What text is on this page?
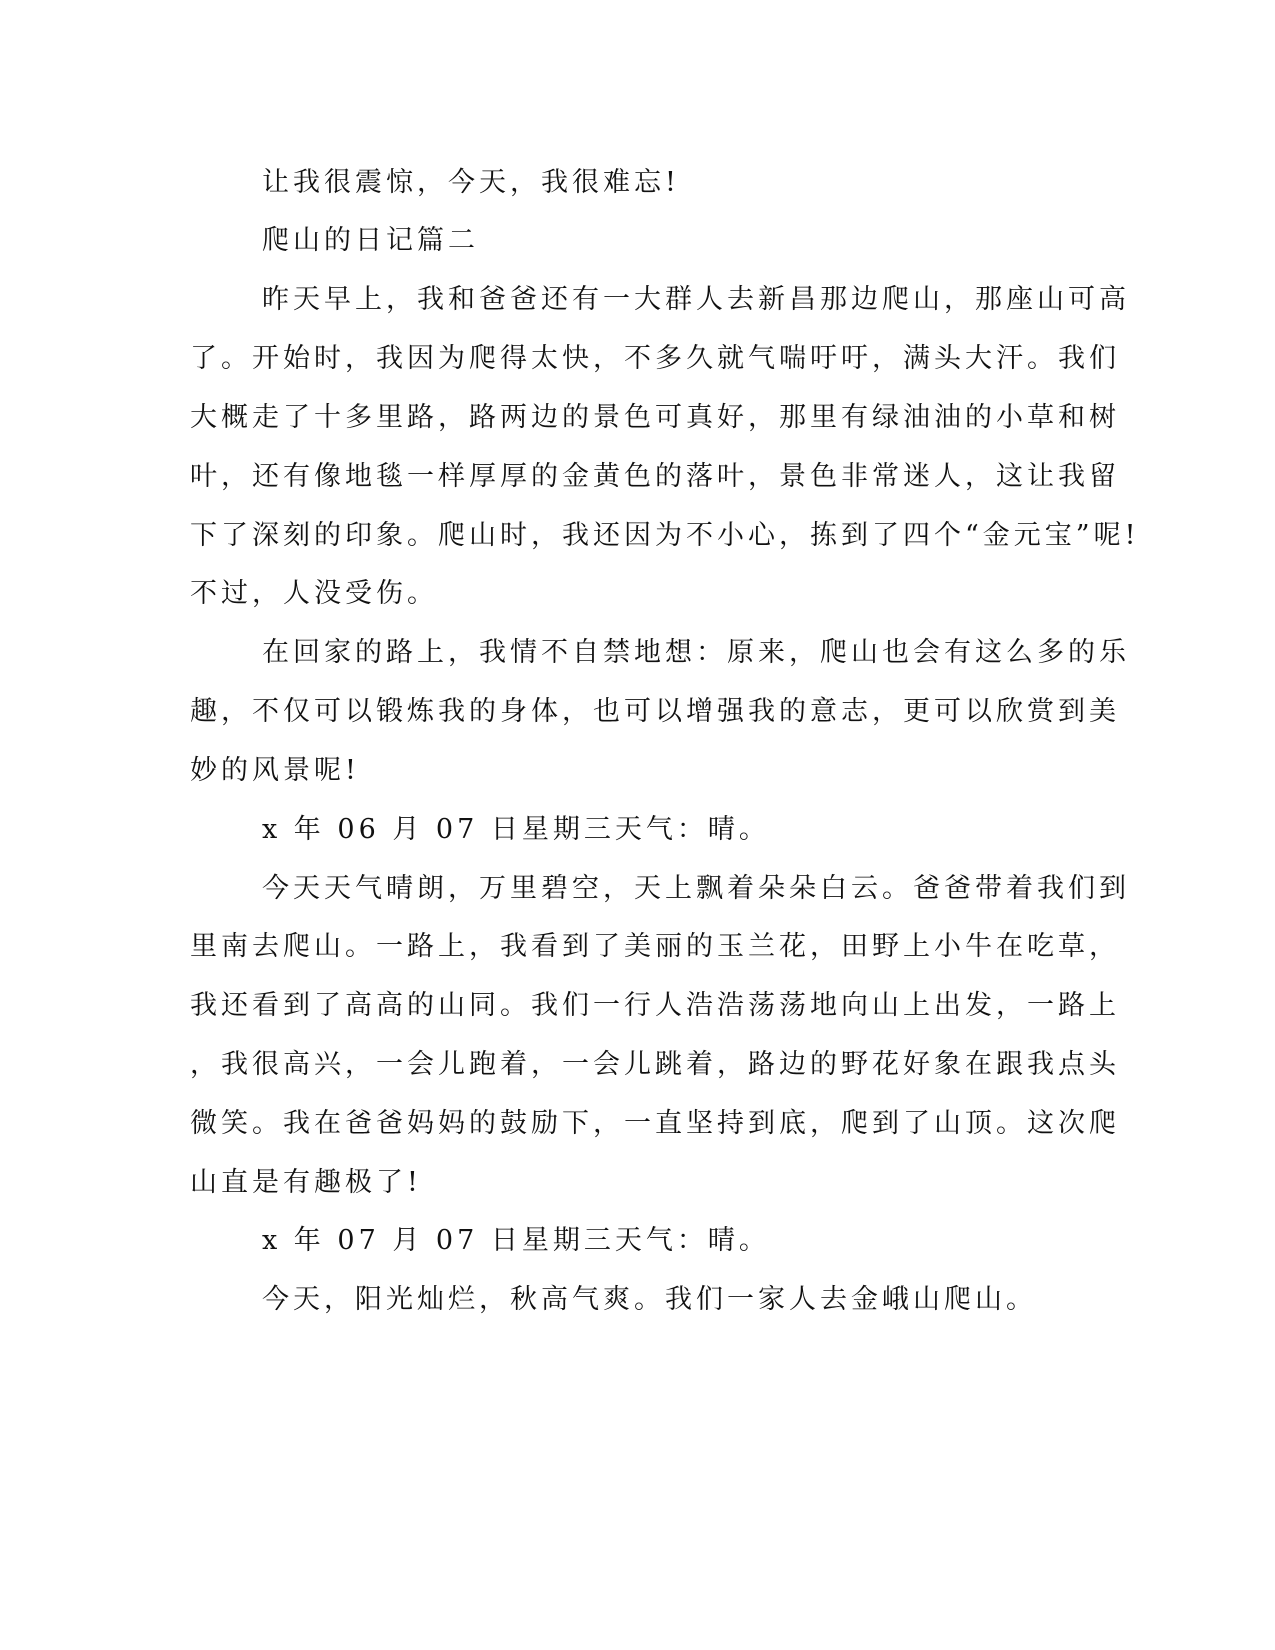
让我很震惊，今天，我很难忘!
爬山的日记篇二
昨天早上，我和爸爸还有一大群人去新昌那边爬山，那座山可高
了。开始时，我因为爬得太快，不多久就气喘吁吁，满头大汗。我们
大概走了十多里路，路两边的景色可真好，那里有绿油油的小草和树
叶，还有像地毯一样厚厚的金黄色的落叶，景色非常迷人，这让我留
下了深刻的印象。爬山时，我还因为不小心，拣到了四个“金元宝”呢!
不过，人没受伤。
在回家的路上，我情不自禁地想：原来，爬山也会有这么多的乐
趣，不仅可以锻炼我的身体，也可以增强我的意志，更可以欣赏到美
妙的风景呢!
x 年 06 月 07 日星期三天气：晴。
今天天气晴朗，万里碧空，天上飘着朵朵白云。爸爸带着我们到
里南去爬山。一路上，我看到了美丽的玉兰花，田野上小牛在吃草，
我还看到了高高的山同。我们一行人浩浩荡荡地向山上出发，一路上
，我很高兴，一会儿跑着，一会儿跳着，路边的野花好象在跟我点头
微笑。我在爸爸妈妈的鼓励下，一直坚持到底，爬到了山顶。这次爬
山直是有趣极了!
x 年 07 月 07 日星期三天气：晴。
今天，阳光灿烂，秋高气爽。我们一家人去金峨山爬山。
